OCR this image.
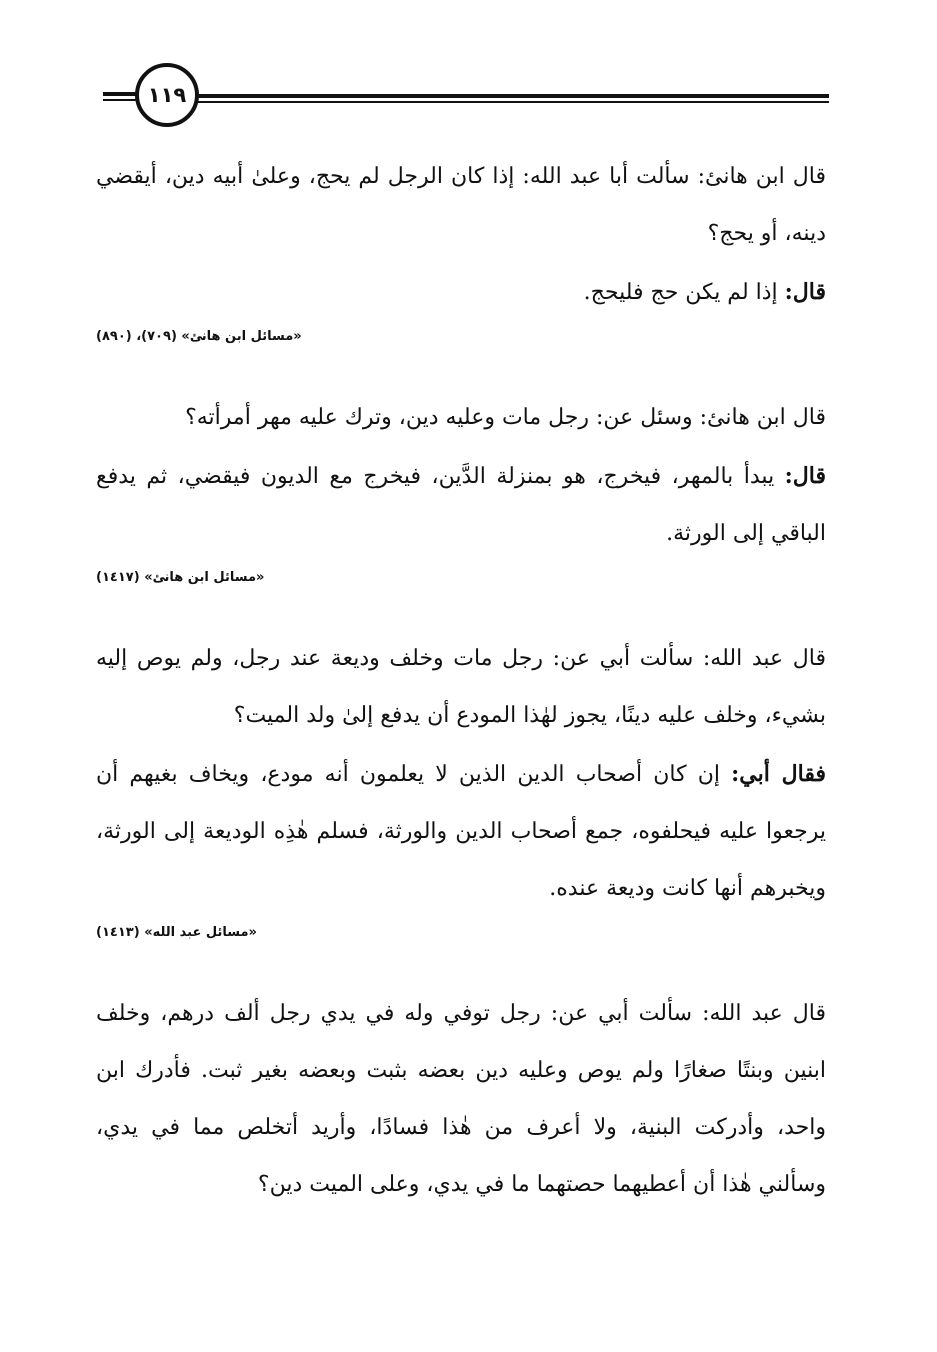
١١٩

قال ابن هانئ: سألت أبا عبد الله: إذا كان الرجل لم يحج، وعلىٰ أبيه دين، أيقضي دينه، أو يحج؟

قال: إذا لم يكن حج فليحج.

«مسائل ابن هانئ» (٧٠٩)، (٨٩٠)

قال ابن هانئ: وسئل عن: رجل مات وعليه دين، وترك عليه مهر أمرأته؟

قال: يبدأ بالمهر، فيخرج، هو بمنزلة الدَّين، فيخرج مع الديون فيقضي، ثم يدفع الباقي إلى الورثة.

«مسائل ابن هانئ» (١٤١٧)

قال عبد الله: سألت أبي عن: رجل مات وخلف وديعة عند رجل، ولم يوص إليه بشيء، وخلف عليه دينًا، يجوز لهٰذا المودع أن يدفع إلىٰ ولد الميت؟

فقال أبي: إن كان أصحاب الدين الذين لا يعلمون أنه مودع، ويخاف بغيهم أن يرجعوا عليه فيحلفوه، جمع أصحاب الدين والورثة، فسلم هٰذِه الوديعة إلى الورثة، ويخبرهم أنها كانت وديعة عنده.

«مسائل عبد الله» (١٤١٣)

قال عبد الله: سألت أبي عن: رجل توفي وله في يدي رجل ألف درهم، وخلف ابنين وبنتًا صغارًا ولم يوص وعليه دين بعضه بثبت وبعضه بغير ثبت. فأدرك ابن واحد، وأدركت البنية، ولا أعرف من هٰذا فسادًا، وأريد أتخلص مما في يدي، وسألني هٰذا أن أعطيهما حصتهما ما في يدي، وعلى الميت دين؟
